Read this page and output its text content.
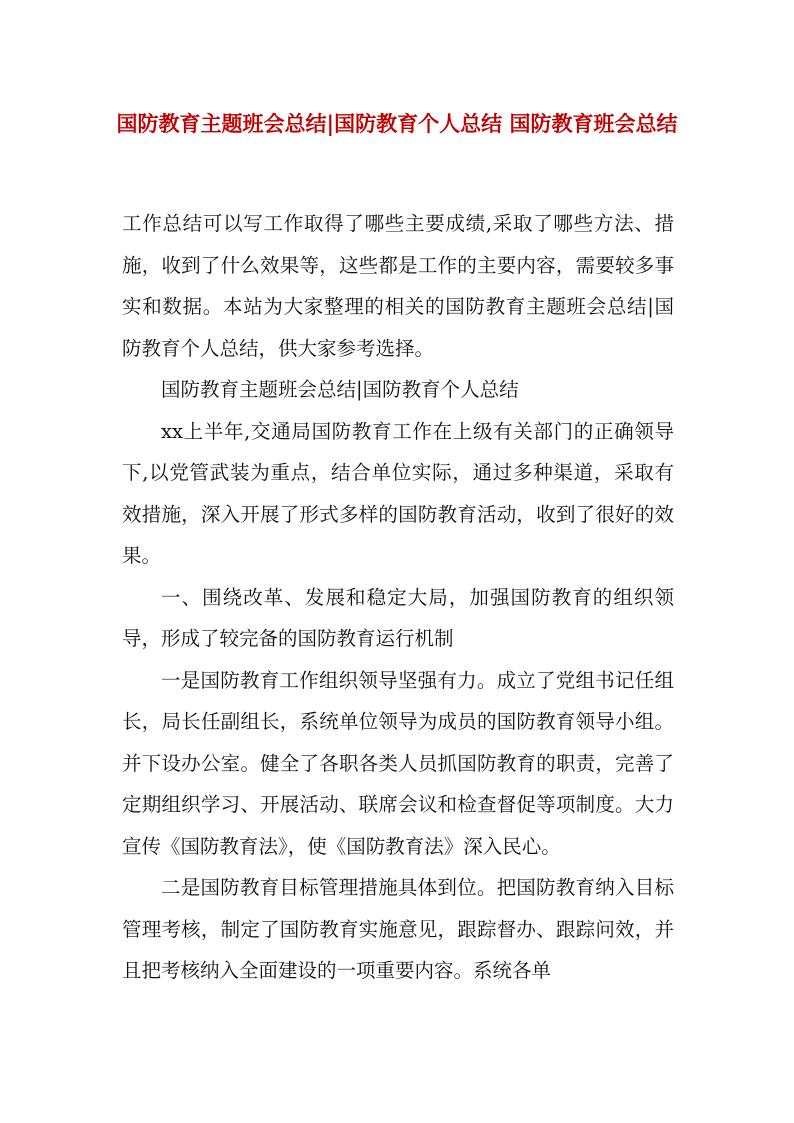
国防教育主题班会总结|国防教育个人总结 国防教育班会总结

工作总结可以写工作取得了哪些主要成绩,采取了哪些方法、措施，收到了什么效果等，这些都是工作的主要内容，需要较多事实和数据。本站为大家整理的相关的国防教育主题班会总结|国防教育个人总结，供大家参考选择。

国防教育主题班会总结|国防教育个人总结

xx上半年,交通局国防教育工作在上级有关部门的正确领导下,以党管武装为重点，结合单位实际，通过多种渠道，采取有效措施，深入开展了形式多样的国防教育活动，收到了很好的效果。

一、围绕改革、发展和稳定大局，加强国防教育的组织领导，形成了较完备的国防教育运行机制

一是国防教育工作组织领导坚强有力。成立了党组书记任组长，局长任副组长，系统单位领导为成员的国防教育领导小组。并下设办公室。健全了各职各类人员抓国防教育的职责，完善了定期组织学习、开展活动、联席会议和检查督促等项制度。大力宣传《国防教育法》，使《国防教育法》深入民心。

二是国防教育目标管理措施具体到位。把国防教育纳入目标管理考核，制定了国防教育实施意见，跟踪督办、跟踪问效，并且把考核纳入全面建设的一项重要内容。系统各单
